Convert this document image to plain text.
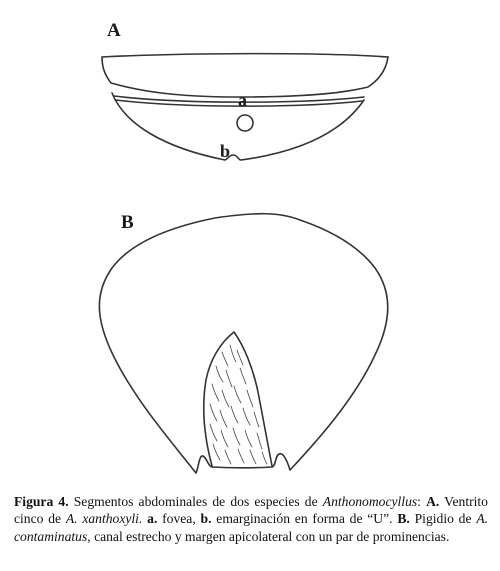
A
a
b
B
Figura 4. Segmentos abdominales de dos especies de Anthonomocyllus: A. Ventrito cinco de A. xanthoxyli. a. fovea, b. emarginación en forma de “U”. B. Pigidio de A. contaminatus, canal estrecho y margen apicolateral con un par de prominencias.
